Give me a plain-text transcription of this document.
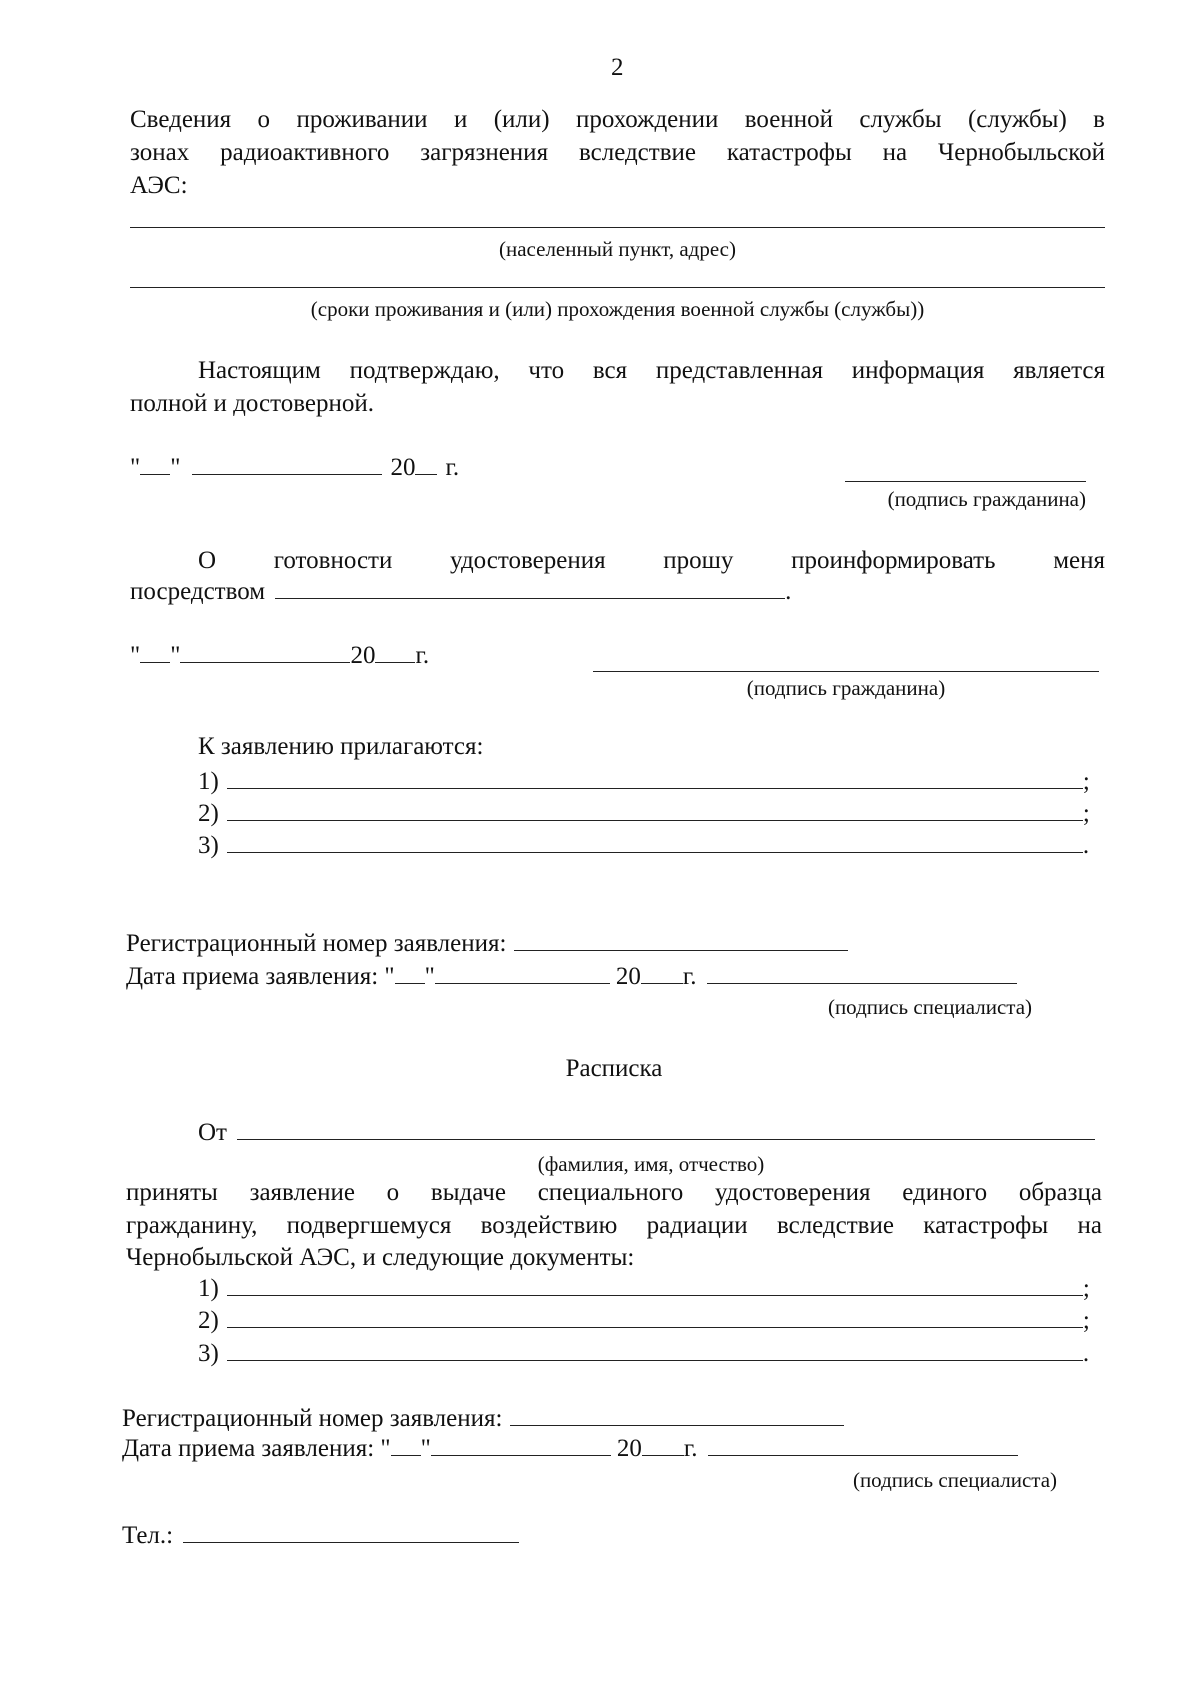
2
Сведения о проживании и (или) прохождении военной службы (службы) в
зонах радиоактивного загрязнения вследствие катастрофы на Чернобыльской
АЭС:
(населенный пункт, адрес)
(сроки проживания и (или) прохождения военной службы (службы))
Настоящим подтверждаю, что вся представленная информация является
полной и достоверной.
" "	20 г.
(подпись гражданина)
О готовности удостоверения прошу проинформировать меня
посредством	.
" "	20 г.
(подпись гражданина)
К заявлению прилагаются:
1)	;
2)	;
3)	.
Регистрационный номер заявления:
Дата приема заявления: " "	20 г.
(подпись специалиста)
Расписка
От
(фамилия, имя, отчество)
приняты заявление о выдаче специального удостоверения единого образца
гражданину, подвергшемуся воздействию радиации вследствие катастрофы на
Чернобыльской АЭС, и следующие документы:
1)	;
2)	;
3)	.
Регистрационный номер заявления:
Дата приема заявления: " "	20 г.
(подпись специалиста)
Тел.:
